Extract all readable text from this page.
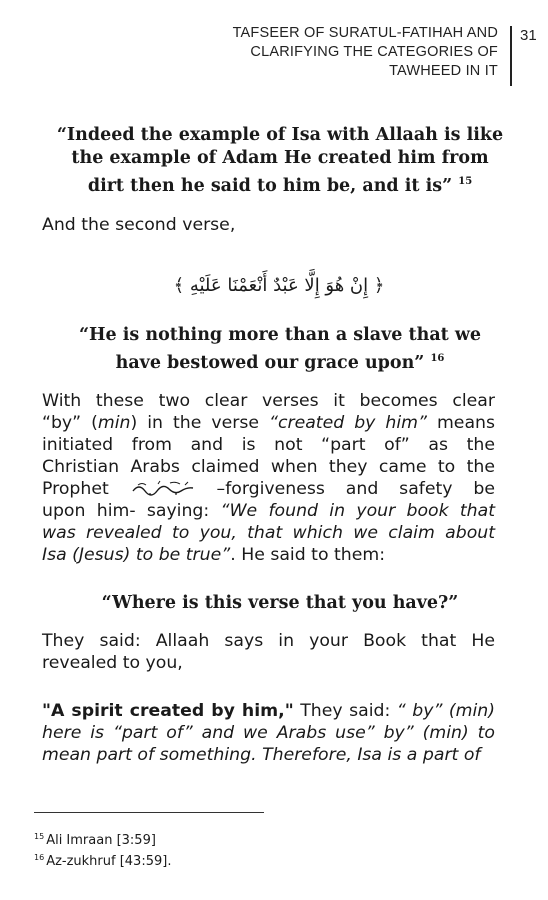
TAFSEER OF SURATUL-FATIHAH AND
CLARIFYING THE CATEGORIES OF
TAWHEED IN IT
31
“Indeed the example of Isa with Allaah is like
the example of Adam He created him from
dirt then he said to him be, and it is” $^{15}$
And the second verse,
﴿ إِنْ هُوَ إِلَّا عَبْدٌ أَنْعَمْنَا عَلَيْهِ ﴾
“He is nothing more than a slave that we
have bestowed our grace upon” $^{16}$
With these two clear verses it becomes clear
“by” (min) in the verse “created by him” means
initiated from and is not “part of” as the
Christian Arabs claimed when they came to the
Prophet	–forgiveness and safety be
upon him- saying: “We found in your book that
was revealed to you, that which we claim about
Isa (Jesus) to be true”. He said to them:
“Where is this verse that you have?”
They said: Allaah says in your Book that He
revealed to you,
"A spirit created by him," They said: “ by” (min)
here is “part of” and we Arabs use” by” (min) to
mean part of something. Therefore, Isa is a part of
$^{15}$ Ali Imraan [3:59]
$^{16}$ Az-zukhruf [43:59].
